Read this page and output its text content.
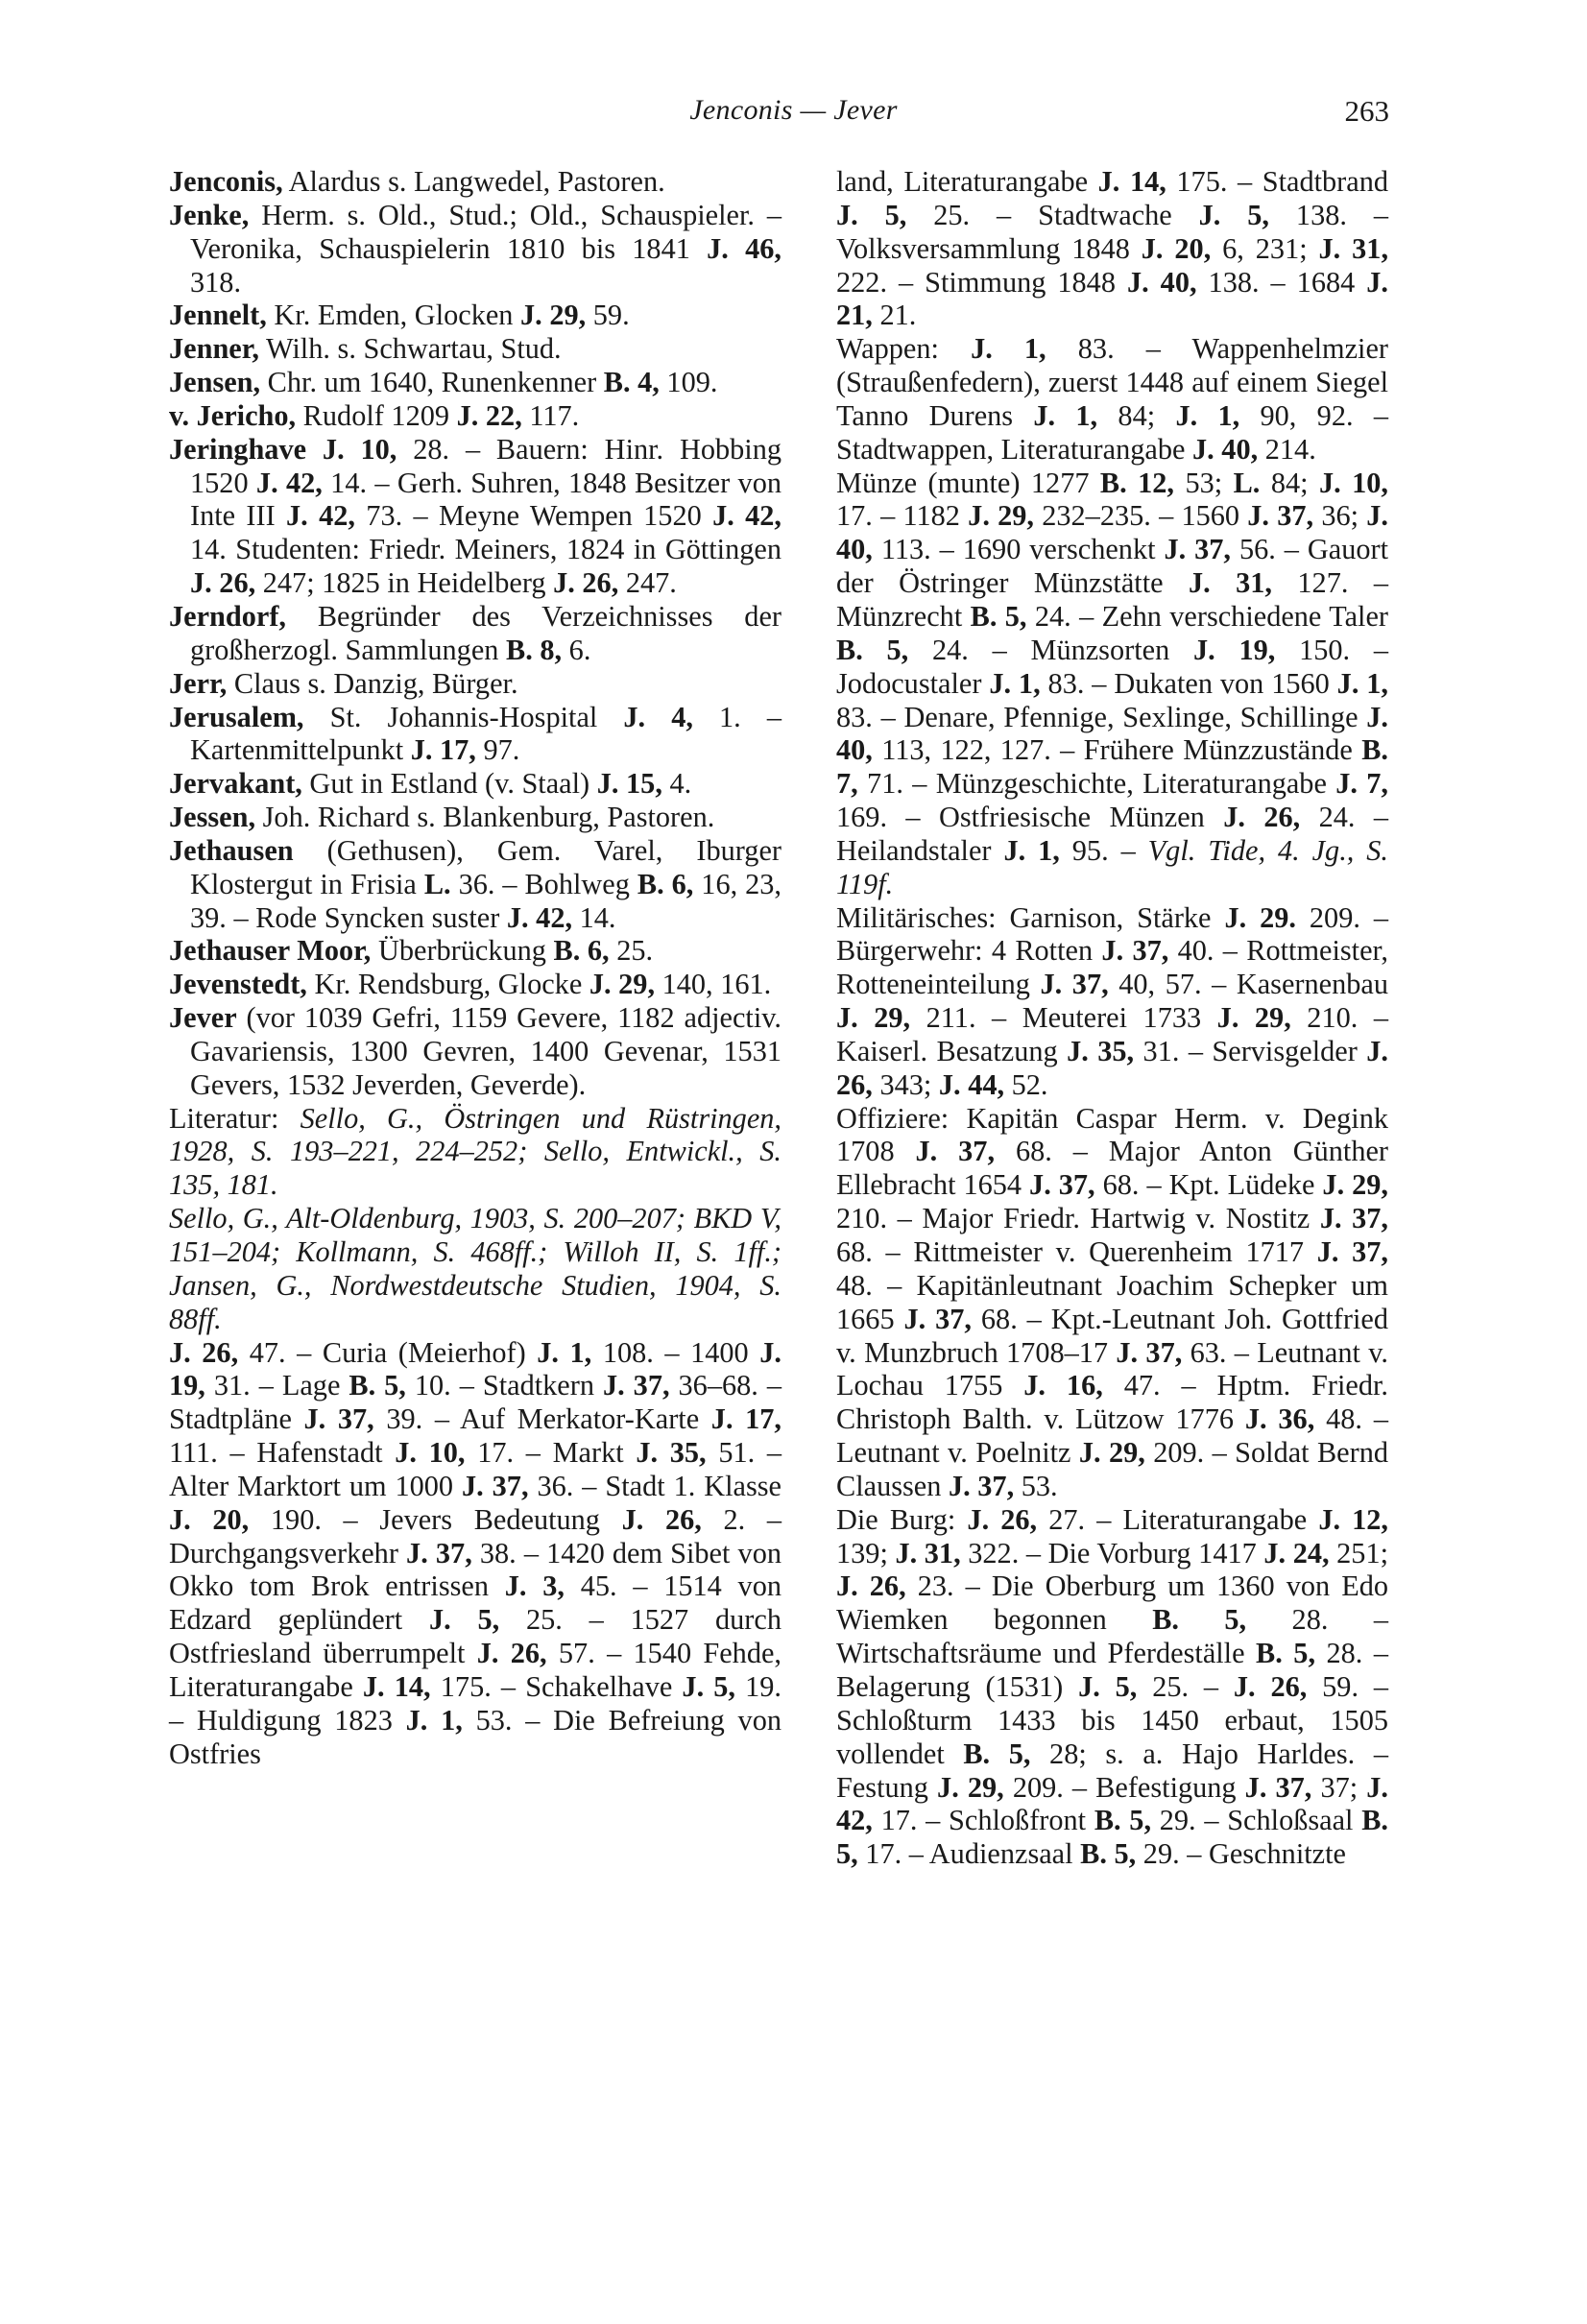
Jenconis — Jever	263

Jenconis, Alardus s. Langwedel, Pastoren.

Jenke, Herm. s. Old., Stud.; Old., Schauspieler. – Veronika, Schauspielerin 1810 bis 1841 J. 46, 318.

Jennelt, Kr. Emden, Glocken J. 29, 59.

Jenner, Wilh. s. Schwartau, Stud.

Jensen, Chr. um 1640, Runenkenner B. 4, 109.

v. Jericho, Rudolf 1209 J. 22, 117.

Jeringhave J. 10, 28. – Bauern: Hinr. Hobbing 1520 J. 42, 14. – Gerh. Suhren, 1848 Besitzer von Inte III J. 42, 73. – Meyne Wempen 1520 J. 42, 14. Studenten: Friedr. Meiners, 1824 in Göttingen J. 26, 247; 1825 in Heidelberg J. 26, 247.

Jerndorf, Begründer des Verzeichnisses der großherzogl. Sammlungen B. 8, 6.

Jerr, Claus s. Danzig, Bürger.

Jerusalem, St. Johannis-Hospital J. 4, 1. – Kartenmittelpunkt J. 17, 97.

Jervakant, Gut in Estland (v. Staal) J. 15, 4.

Jessen, Joh. Richard s. Blankenburg, Pastoren.

Jethausen (Gethusen), Gem. Varel, Iburger Klostergut in Frisia L. 36. – Bohlweg B. 6, 16, 23, 39. – Rode Syncken suster J. 42, 14.

Jethauser Moor, Überbrückung B. 6, 25.

Jevenstedt, Kr. Rendsburg, Glocke J. 29, 140, 161.

Jever (vor 1039 Gefri, 1159 Gevere, 1182 adjectiv. Gavariensis, 1300 Gevren, 1400 Gevenar, 1531 Gevers, 1532 Jeverden, Geverde).

Literatur: Sello, G., Östringen und Rüstringen, 1928, S. 193–221, 224–252; Sello, Entwickl., S. 135, 181.

Sello, G., Alt-Oldenburg, 1903, S. 200–207; BKD V, 151–204; Kollmann, S. 468ff.; Willoh II, S. 1ff.; Jansen, G., Nordwestdeutsche Studien, 1904, S. 88ff.

J. 26, 47. – Curia (Meierhof) J. 1, 108. – 1400 J. 19, 31. – Lage B. 5, 10. – Stadtkern J. 37, 36–68. – Stadtpläne J. 37, 39. – Auf Merkator-Karte J. 17, 111. – Hafenstadt J. 10, 17. – Markt J. 35, 51. – Alter Marktort um 1000 J. 37, 36. – Stadt 1. Klasse J. 20, 190. – Jevers Bedeutung J. 26, 2. – Durchgangsverkehr J. 37, 38. – 1420 dem Sibet von Okko tom Brok entrissen J. 3, 45. – 1514 von Edzard geplündert J. 5, 25. – 1527 durch Ostfriesland überrumpelt J. 26, 57. – 1540 Fehde, Literaturangabe J. 14, 175. – Schakelhave J. 5, 19. – Huldigung 1823 J. 1, 53. – Die Befreiung von Ostfries

land, Literaturangabe J. 14, 175. – Stadtbrand J. 5, 25. – Stadtwache J. 5, 138. – Volksversammlung 1848 J. 20, 6, 231; J. 31, 222. – Stimmung 1848 J. 40, 138. – 1684 J. 21, 21.

Wappen: J. 1, 83. – Wappenhelmzier (Straußenfedern), zuerst 1448 auf einem Siegel Tanno Durens J. 1, 84; J. 1, 90, 92. – Stadtwappen, Literaturangabe J. 40, 214.

Münze (munte) 1277 B. 12, 53; L. 84; J. 10, 17. – 1182 J. 29, 232–235. – 1560 J. 37, 36; J. 40, 113. – 1690 verschenkt J. 37, 56. – Gauort der Östringer Münzstätte J. 31, 127. – Münzrecht B. 5, 24. – Zehn verschiedene Taler B. 5, 24. – Münzsorten J. 19, 150. – Jodocustaler J. 1, 83. – Dukaten von 1560 J. 1, 83. – Denare, Pfennige, Sexlinge, Schillinge J. 40, 113, 122, 127. – Frühere Münzzustände B. 7, 71. – Münzgeschichte, Literaturangabe J. 7, 169. – Ostfriesische Münzen J. 26, 24. – Heilandstaler J. 1, 95. – Vgl. Tide, 4. Jg., S. 119f.

Militärisches: Garnison, Stärke J. 29. 209. – Bürgerwehr: 4 Rotten J. 37, 40. – Rottmeister, Rotteneinteilung J. 37, 40, 57. – Kasernenbau J. 29, 211. – Meuterei 1733 J. 29, 210. – Kaiserl. Besatzung J. 35, 31. – Servisgelder J. 26, 343; J. 44, 52.

Offiziere: Kapitän Caspar Herm. v. Degink 1708 J. 37, 68. – Major Anton Günther Ellebracht 1654 J. 37, 68. – Kpt. Lüdeke J. 29, 210. – Major Friedr. Hartwig v. Nostitz J. 37, 68. – Rittmeister v. Querenheim 1717 J. 37, 48. – Kapitänleutnant Joachim Schepker um 1665 J. 37, 68. – Kpt.-Leutnant Joh. Gottfried v. Munzbruch 1708–17 J. 37, 63. – Leutnant v. Lochau 1755 J. 16, 47. – Hptm. Friedr. Christoph Balth. v. Lützow 1776 J. 36, 48. – Leutnant v. Poelnitz J. 29, 209. – Soldat Bernd Claussen J. 37, 53.

Die Burg: J. 26, 27. – Literaturangabe J. 12, 139; J. 31, 322. – Die Vorburg 1417 J. 24, 251; J. 26, 23. – Die Oberburg um 1360 von Edo Wiemken begonnen B. 5, 28. – Wirtschaftsräume und Pferdeställe B. 5, 28. – Belagerung (1531) J. 5, 25. – J. 26, 59. – Schloßturm 1433 bis 1450 erbaut, 1505 vollendet B. 5, 28; s. a. Hajo Harldes. – Festung J. 29, 209. – Befestigung J. 37, 37; J. 42, 17. – Schloßfront B. 5, 29. – Schloßsaal B. 5, 17. – Audienzsaal B. 5, 29. – Geschnitzte
